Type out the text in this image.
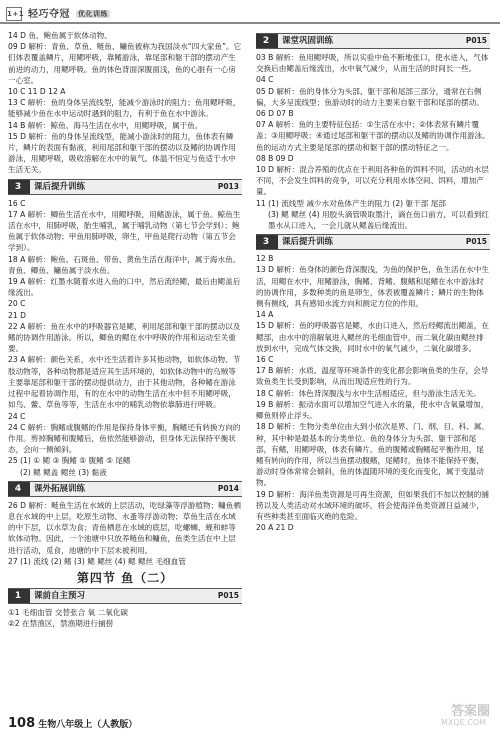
1+1 轻巧夺冠 优化训练
14 D 鱼、鲍鱼属于软体动物。
09 D 解析：青鱼、草鱼、鲢鱼、鳙鱼被称为我国淡水“四大家鱼”。它们体表覆盖鳞片，用鳃呼吸，靠鳍游泳，靠尾部和躯干部的摆动产生前进的动力，用鳃呼吸。鱼的体色背面深腹面浅，鱼的心脏有一心房一心室。
10 C 11 D 12 A
13 C 解析：鱼的身体呈流线型，能减少游泳时的阻力；鱼用鳃呼吸，能够减少鱼在水中运动时遇到的阻力，有利于鱼在水中游泳。
14 B 解析：鲸鱼、海马生活在水中，用鳃呼吸，属于鱼。
15 D 解析：鱼的身体呈流线型，能减小游泳时的阻力，鱼体表有鳞片，鳞片的表面有黏液，利用尾部和躯干部的摆动以及鳍的协调作用游泳，用鳃呼吸，吸收溶解在水中的氧气。体温不恒定与鱼适于水中生活无关。
3	课后提升训练	P013
16 C
17 A 解析：鲫鱼生活在水中，用鳃呼吸，用鳍游泳，属于鱼。鲸鱼生活在水中，用肺呼吸，胎生哺乳，属于哺乳动物（第七节会学到）；鲍鱼属于软体动物；甲鱼用肺呼吸，卵生，甲鱼是爬行动物（第五节会学到）。
18 A 解析：鲍鱼、石斑鱼、带鱼、黄鱼生活在海洋中，属于海水鱼。青鱼、鲫鱼、鳙鱼属于淡水鱼。
19 A 解析：红墨水随着水进入鱼的口中，然后流经鳃，最后由鳃盖后缘流出。
20 C
21 D
22 A 解析：鱼在水中的呼吸器官是鳃，利用尾部和躯干部的摆动以及鳍的协调作用游泳。所以，鲫鱼的鳃在水中呼吸的作用和运动至关重要。
23 A 解析：颜色关系，水中还生活着许多其他动物，如软体动物、节肢动物等，各种动物都是适应其生活环境的，如软体动物中的乌贼等主要靠尾部和躯干部的摆动提供动力，由于其他动物，各种鳍在游泳过程中起着协调作用，有的在水中的动物生活在水中但不用鳃呼吸，如鸟、鳖、草鱼等等，生活在水中的哺乳动物依靠肺进行呼吸。
24 C
24 C 解析：胸鳍或腹鳍的作用是保持身体平衡，胸鳍还有转换方向的作用。剪掉胸鳍和腹鳍后，鱼依然能够游动，但身体无法保持平衡状态，会向一侧倾斜。
25 (1) ① 鳃 ③ 胸鳍 ⑤ 腹鳍 ⑤ 尾鳍
(2) 鳃 鳃盖 鳃丝 (3) 黏液
4	课外拓展训练	P014
26 D 解析：鲢鱼生活在水域的上层活动，吃绿藻等浮游植物；鳙鱼栖息在水域的中上层，吃原生动物、水蚤等浮游动物；草鱼生活在水域的中下层，以水草为食；青鱼栖息在水域的底层，吃螺蛳、蚬和蚌等软体动物。因此，一个池塘中只放养鲢鱼和鳙鱼，鱼类生活在中上层进行活动，觅食，池塘的中下层未被利用。
27 (1) 流线 (2) 鳍 (3) 鳃 鳃丝 (4) 鳃 鳃丝 毛细血管
第四节 鱼（二）
1	课前自主预习	P015
①1 毛细血管 交替张合 氧 二氧化碳
②2 在禁渔区，禁渔期进行捕捞
2	课堂巩固训练	P015
03 B 解析：鱼用鳃呼吸，所以实验中鱼不断地张口，使水进入，气体交换后由鳃盖后缘流出，水中氧气减少，从而生活的时间长一些。
04 C
05 D 解析：鱼的身体分为头部、躯干部和尾部三部分，通常在右侧偏，大多呈流线型；鱼游动时的动力主要来自躯干部和尾部的摆动。
06 D 07 B
07 A 解析：鱼的主要特征包括：①生活在水中；②体表常有鳞片覆盖；③用鳃呼吸；④通过尾部和躯干部的摆动以及鳍的协调作用游泳。鱼的运动方式主要是尾部的摆动和躯干部的摆动特征之一。
08 B 09 D
10 D 解析：混合养殖的优点在于利用各种鱼的饵料不同，活动的水层不同，不会发生饵料的竞争，可以充分利用水体空间、饵料，增加产量。
11 (1) 流线型 减少水对鱼体产生的阻力 (2) 躯干部 尾部
(3) 鳃 鳃丝 (4) 用胶头滴管吸取墨汁，滴在鱼口前方，可以看到红墨水从口进入，一会儿就从鳃盖后缘流出。
3	课后提升训练	P015
12 B
13 D 解析：鱼身体的颜色背深腹浅，为鱼的保护色，鱼生活在水中生活，用鳃在水中，用鳍游泳，胸鳍、背鳍、腹鳍和尾鳍在水中游泳时的协调作用，多数种类的鱼是卵生，体表被覆盖鳞片；鳞片的生物体侧有侧线，具有感知水流方向和测定方位的作用。
14 A
15 D 解析：鱼的呼吸器官是鳃，水由口进入，然后经鳃流出鳃盖，在鳃部，由水中的溶解氧进入鳃丝的毛细血管中，而二氧化碳由鳃丝排放到水中，完成气体交换，同时水中的氧气减少，二氧化碳增多。
16 C
17 B 解析：水质、温度等环境条件的变化都会影响鱼类的生存，会导致鱼类生长受到影响，从而出现适应性的行为。
18 C 解析：体色背深腹浅与水中生活相适应，但与游泳生活无关。
19 B 解析：振动水面可以增加空气进入水的量，使水中含氧量增加，鲫鱼则停止浮头。
18 D 解析：生物分类单位由大到小依次是界、门、纲、目、科、属、种，其中种是最基本的分类单位。鱼的身体分为头部、躯干部和尾部，有鳍，用鳃呼吸，体表有鳞片。鱼的腹鳍或胸鳍起平衡作用，尾鳍有转向的作用，所以当鱼摆动腹鳍，尾鳍时，鱼体不能保持平衡，游动时身体常常会倾斜，鱼的体温随环境的变化而变化，属于变温动物。
19 D 解析：海洋鱼类资源是可再生资源，但如果我们不加以控制的捕捞以及人类活动对水域环境的破坏，将会使海洋鱼类资源日益减少，有些种类甚至面临灭绝的危险。
20 A 21 D
108 生物八年级上（人教版）
答案圈
MXQE.COM
